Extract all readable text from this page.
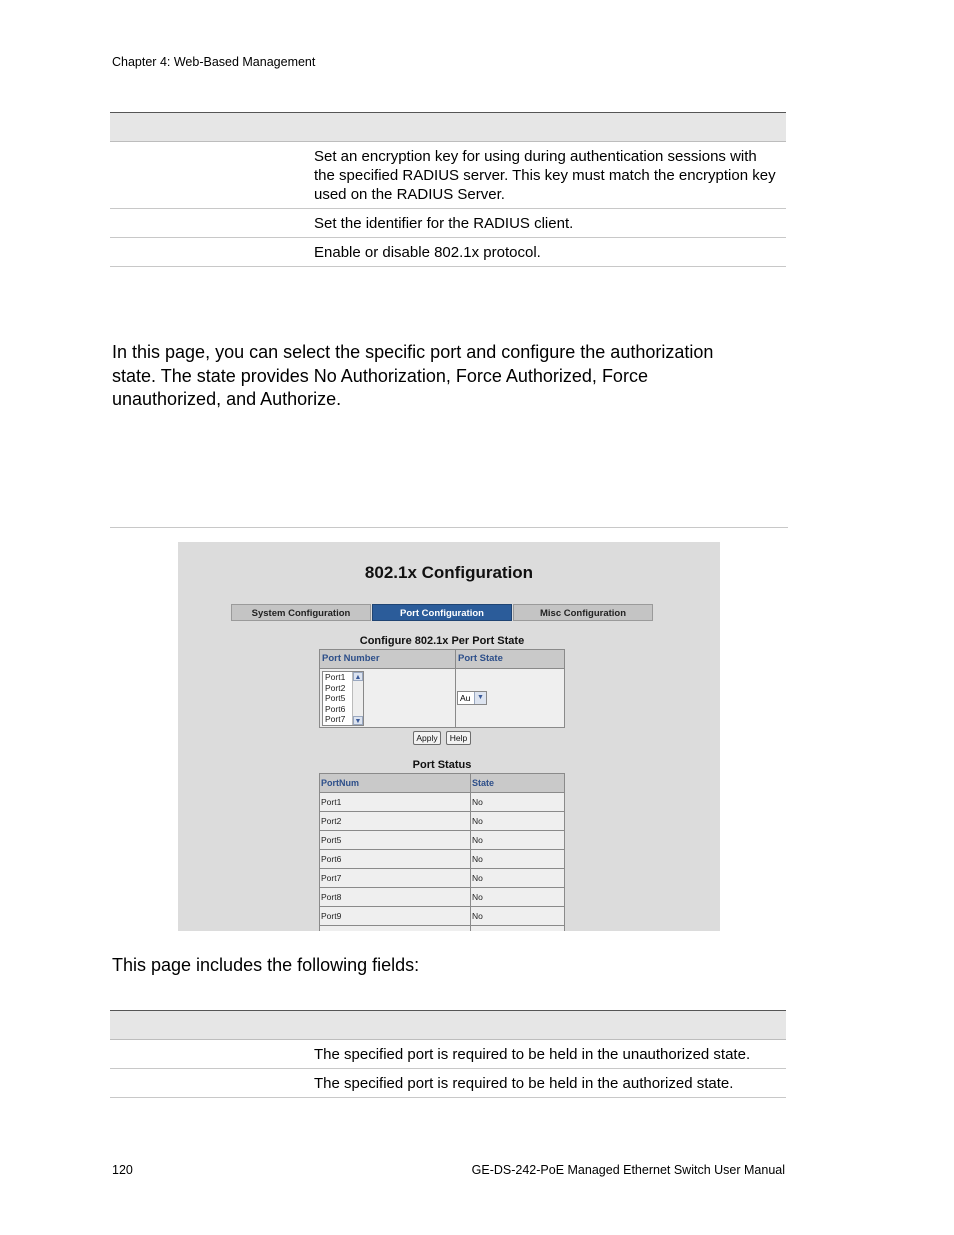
Chapter 4: Web-Based Management
Set an encryption key for using during authentication sessions with the specified RADIUS server. This key must match the encryption key used on the RADIUS Server.
Set the identifier for the RADIUS client.
Enable or disable 802.1x protocol.
In this page, you can select the specific port and configure the authorization state. The state provides No Authorization, Force Authorized, Force unauthorized, and Authorize.
802.1x Configuration
System Configuration	Port Configuration	Misc Configuration
Configure 802.1x Per Port State
Port Number	Port State
Port1
Port2
Port5
Port6
Port7
▲
▼
Au ▼
Apply	Help
Port Status
PortNum	State
Port1	No
Port2	No
Port5	No
Port6	No
Port7	No
Port8	No
Port9	No
This page includes the following fields:
The specified port is required to be held in the unauthorized state.
The specified port is required to be held in the authorized state.
120	GE-DS-242-PoE Managed Ethernet Switch User Manual
